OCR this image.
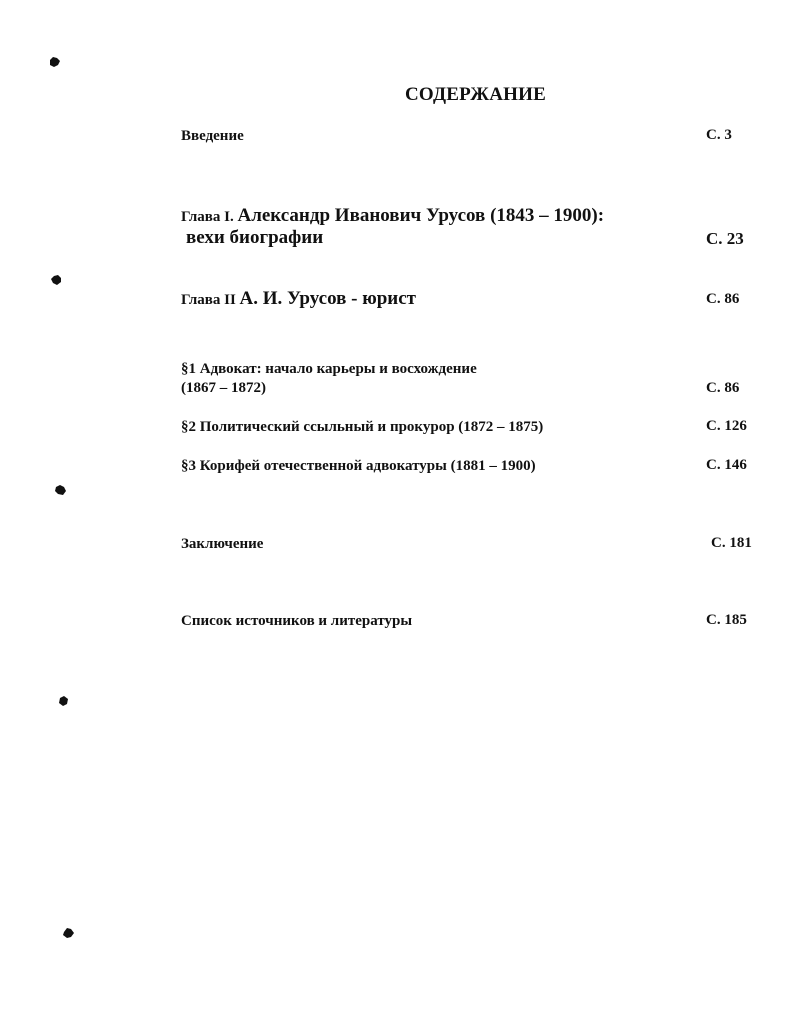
СОДЕРЖАНИЕ
Введение	С. 3
Глава I. Александр Иванович Урусов (1843 – 1900):
вехи биографии	С. 23
Глава II А. И. Урусов - юрист	С. 86
§1 Адвокат: начало карьеры и восхождение
(1867 – 1872)	С. 86
§2 Политический ссыльный и прокурор (1872 – 1875)	С. 126
§3 Корифей отечественной адвокатуры (1881 – 1900)	С. 146
Заключение	С. 181
Список источников и литературы	С. 185
